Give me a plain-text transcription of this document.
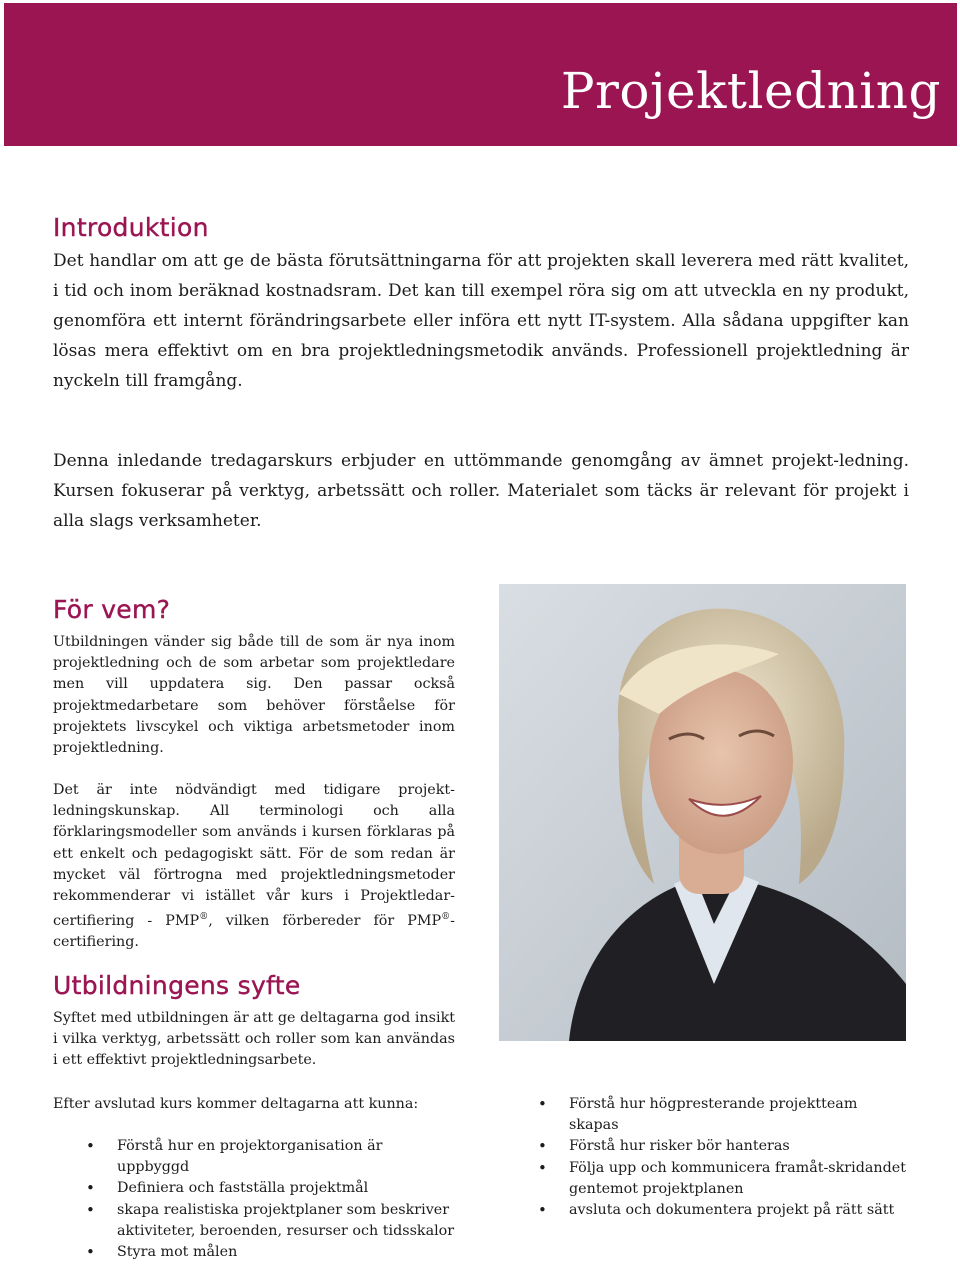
Projektledning
Introduktion

Det handlar om att ge de bästa förutsättningarna för att projekten skall leverera med rätt kvalitet, i tid och inom beräknad kostnadsram. Det kan till exempel röra sig om att utveckla en ny produkt, genomföra ett internt förändringsarbete eller införa ett nytt IT-system. Alla sådana uppgifter kan lösas mera effektivt om en bra projektledningsmetodik används. Professionell projektledning är nyckeln till framgång.

Denna inledande tredagarskurs erbjuder en uttömmande genomgång av ämnet projekt-ledning. Kursen fokuserar på verktyg, arbetssätt och roller. Materialet som täcks är relevant för projekt i alla slags verksamheter.

För vem?

Utbildningen vänder sig både till de som är nya inom projektledning och de som arbetar som projektledare men vill uppdatera sig. Den passar också projektmedarbetare som behöver förståelse för projektets livscykel och viktiga arbetsmetoder inom projektledning.

Det är inte nödvändigt med tidigare projekt-ledningskunskap. All terminologi och alla förklaringsmodeller som används i kursen förklaras på ett enkelt och pedagogiskt sätt. För de som redan är mycket väl förtrogna med projektledningsmetoder rekommenderar vi istället vår kurs i Projektledar-certifiering - PMP®, vilken förbereder för PMP®-certifiering.

Utbildningens syfte

Syftet med utbildningen är att ge deltagarna god insikt i vilka verktyg, arbetssätt och roller som kan användas i ett effektivt projektledningsarbete.

Efter avslutad kurs kommer deltagarna att kunna:

• Förstå hur en projektorganisation är uppbyggd
• Definiera och fastställa projektmål
• skapa realistiska projektplaner som beskriver aktiviteter, beroenden, resurser och tidsskalor
• Styra mot målen
• Förstå hur högpresterande projektteam skapas
• Förstå hur risker bör hanteras
• Följa upp och kommunicera framåt-skridandet gentemot projektplanen
• avsluta och dokumentera projekt på rätt sätt
